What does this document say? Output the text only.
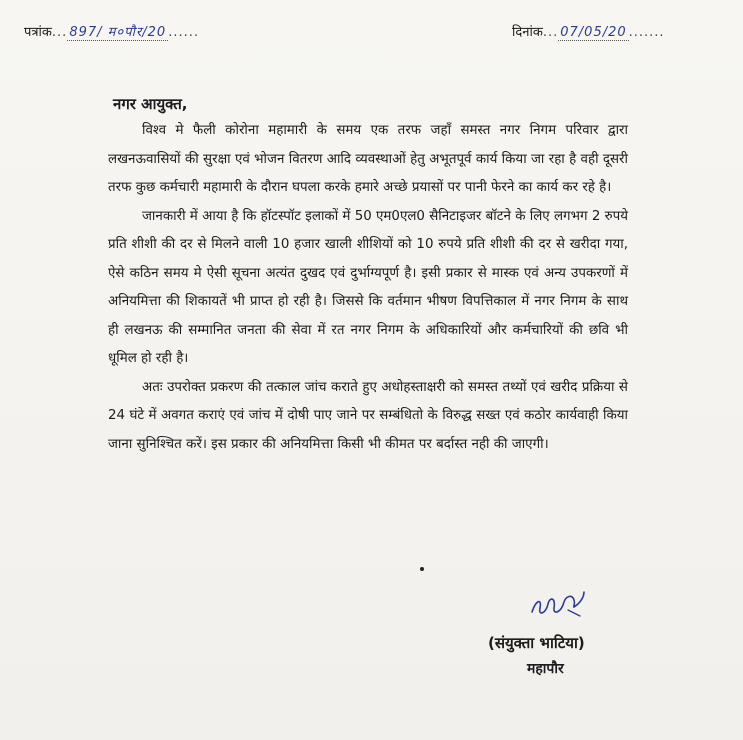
पत्रांक... 897/ म०पौर/20 ......	दिनांक... 07/05/20 .......
नगर आयुक्त,

विश्व मे फैली कोरोना महामारी के समय एक तरफ जहाँ समस्त नगर निगम परिवार द्वारा लखनऊवासियों की सुरक्षा एवं भोजन वितरण आदि व्यवस्थाओं हेतु अभूतपूर्व कार्य किया जा रहा है वही दूसरी तरफ कुछ कर्मचारी महामारी के दौरान घपला करके हमारे अच्छे प्रयासों पर पानी फेरने का कार्य कर रहे है।

जानकारी में आया है कि हॉटस्पॉट इलाकों में 50 एम0एल0 सैनिटाइजर बॉटने के लिए लगभग 2 रुपये प्रति शीशी की दर से मिलने वाली 10 हजार खाली शीशियों को 10 रुपये प्रति शीशी की दर से खरीदा गया, ऐसे कठिन समय मे ऐसी सूचना अत्यंत दुखद एवं दुर्भाग्यपूर्ण है। इसी प्रकार से मास्क एवं अन्य उपकरणों में अनियमित्ता की शिकायतें भी प्राप्त हो रही है। जिससे कि वर्तमान भीषण विपत्तिकाल में नगर निगम के साथ ही लखनऊ की सम्मानित जनता की सेवा में रत नगर निगम के अधिकारियों और कर्मचारियों की छवि भी धूमिल हो रही है।

अतः उपरोक्त प्रकरण की तत्काल जांच कराते हुए अधोहस्ताक्षरी को समस्त तथ्यों एवं खरीद प्रक्रिया से 24 घंटे में अवगत कराएं एवं जांच में दोषी पाए जाने पर सम्बंधितो के विरुद्ध सख्त एवं कठोर कार्यवाही किया जाना सुनिश्चित करें। इस प्रकार की अनियमित्ता किसी भी कीमत पर बर्दास्त नही की जाएगी।

(संयुक्ता भाटिया)
महापौर
